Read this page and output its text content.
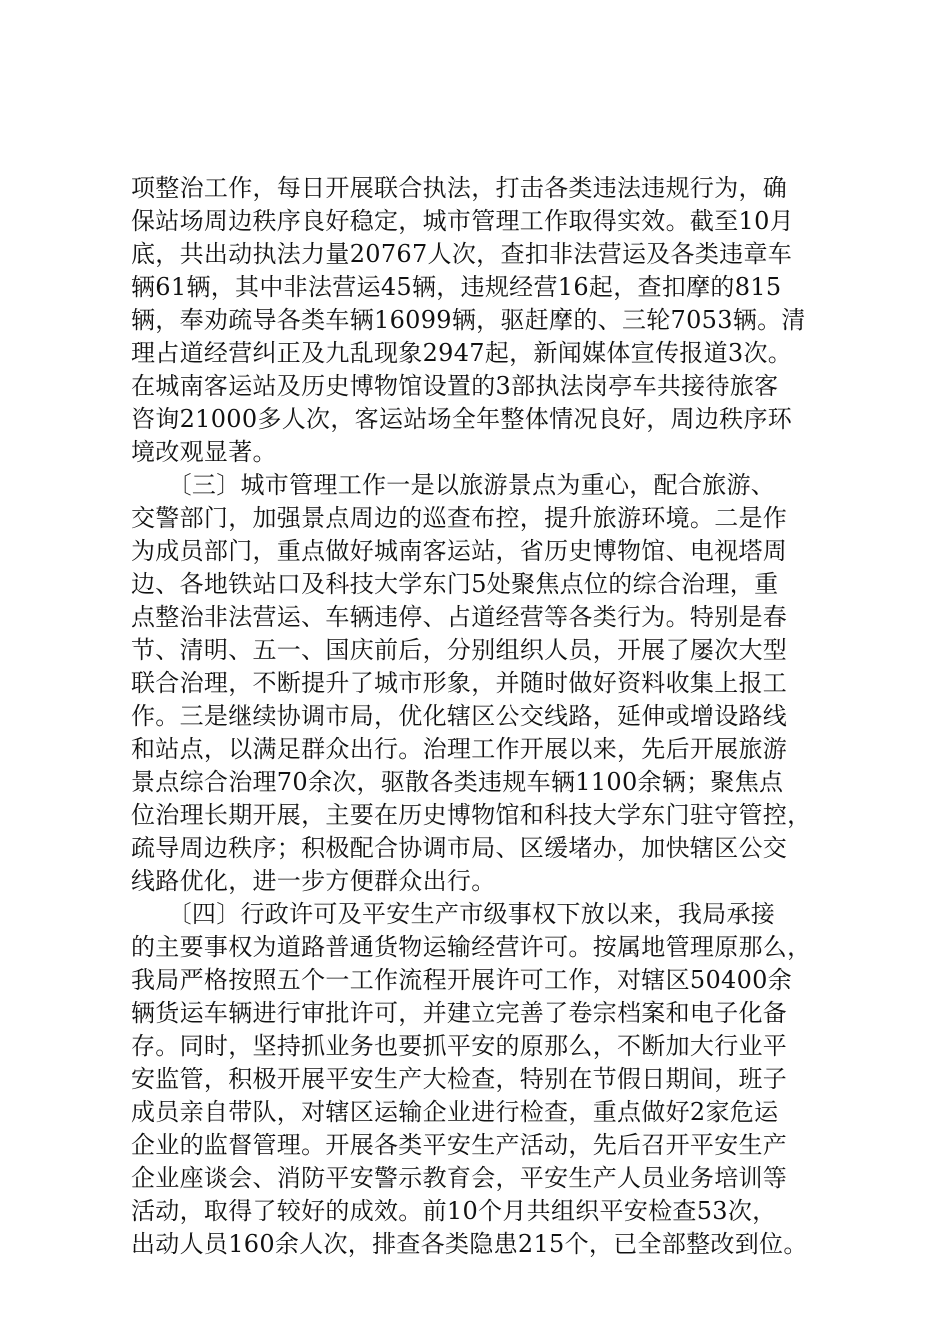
项整治工作，每日开展联合执法，打击各类违法违规行为，确
保站场周边秩序良好稳定，城市管理工作取得实效。截至10月
底，共出动执法力量20767人次，查扣非法营运及各类违章车
辆61辆，其中非法营运45辆，违规经营16起，查扣摩的815
辆，奉劝疏导各类车辆16099辆，驱赶摩的、三轮7053辆。清
理占道经营纠正及九乱现象2947起，新闻媒体宣传报道3次。
在城南客运站及历史博物馆设置的3部执法岗亭车共接待旅客
咨询21000多人次，客运站场全年整体情况良好，周边秩序环
境改观显著。
　　〔三〕城市管理工作一是以旅游景点为重心，配合旅游、
交警部门，加强景点周边的巡查布控，提升旅游环境。二是作
为成员部门，重点做好城南客运站，省历史博物馆、电视塔周
边、各地铁站口及科技大学东门5处聚焦点位的综合治理，重
点整治非法营运、车辆违停、占道经营等各类行为。特别是春
节、清明、五一、国庆前后，分别组织人员，开展了屡次大型
联合治理，不断提升了城市形象，并随时做好资料收集上报工
作。三是继续协调市局，优化辖区公交线路，延伸或增设路线
和站点，以满足群众出行。治理工作开展以来，先后开展旅游
景点综合治理70余次，驱散各类违规车辆1100余辆；聚焦点
位治理长期开展，主要在历史博物馆和科技大学东门驻守管控，
疏导周边秩序；积极配合协调市局、区缓堵办，加快辖区公交
线路优化，进一步方便群众出行。
　　〔四〕行政许可及平安生产市级事权下放以来，我局承接
的主要事权为道路普通货物运输经营许可。按属地管理原那么，
我局严格按照五个一工作流程开展许可工作，对辖区50400余
辆货运车辆进行审批许可，并建立完善了卷宗档案和电子化备
存。同时，坚持抓业务也要抓平安的原那么，不断加大行业平
安监管，积极开展平安生产大检查，特别在节假日期间，班子
成员亲自带队，对辖区运输企业进行检查，重点做好2家危运
企业的监督管理。开展各类平安生产活动，先后召开平安生产
企业座谈会、消防平安警示教育会，平安生产人员业务培训等
活动，取得了较好的成效。前10个月共组织平安检查53次，
出动人员160余人次，排查各类隐患215个，已全部整改到位。
